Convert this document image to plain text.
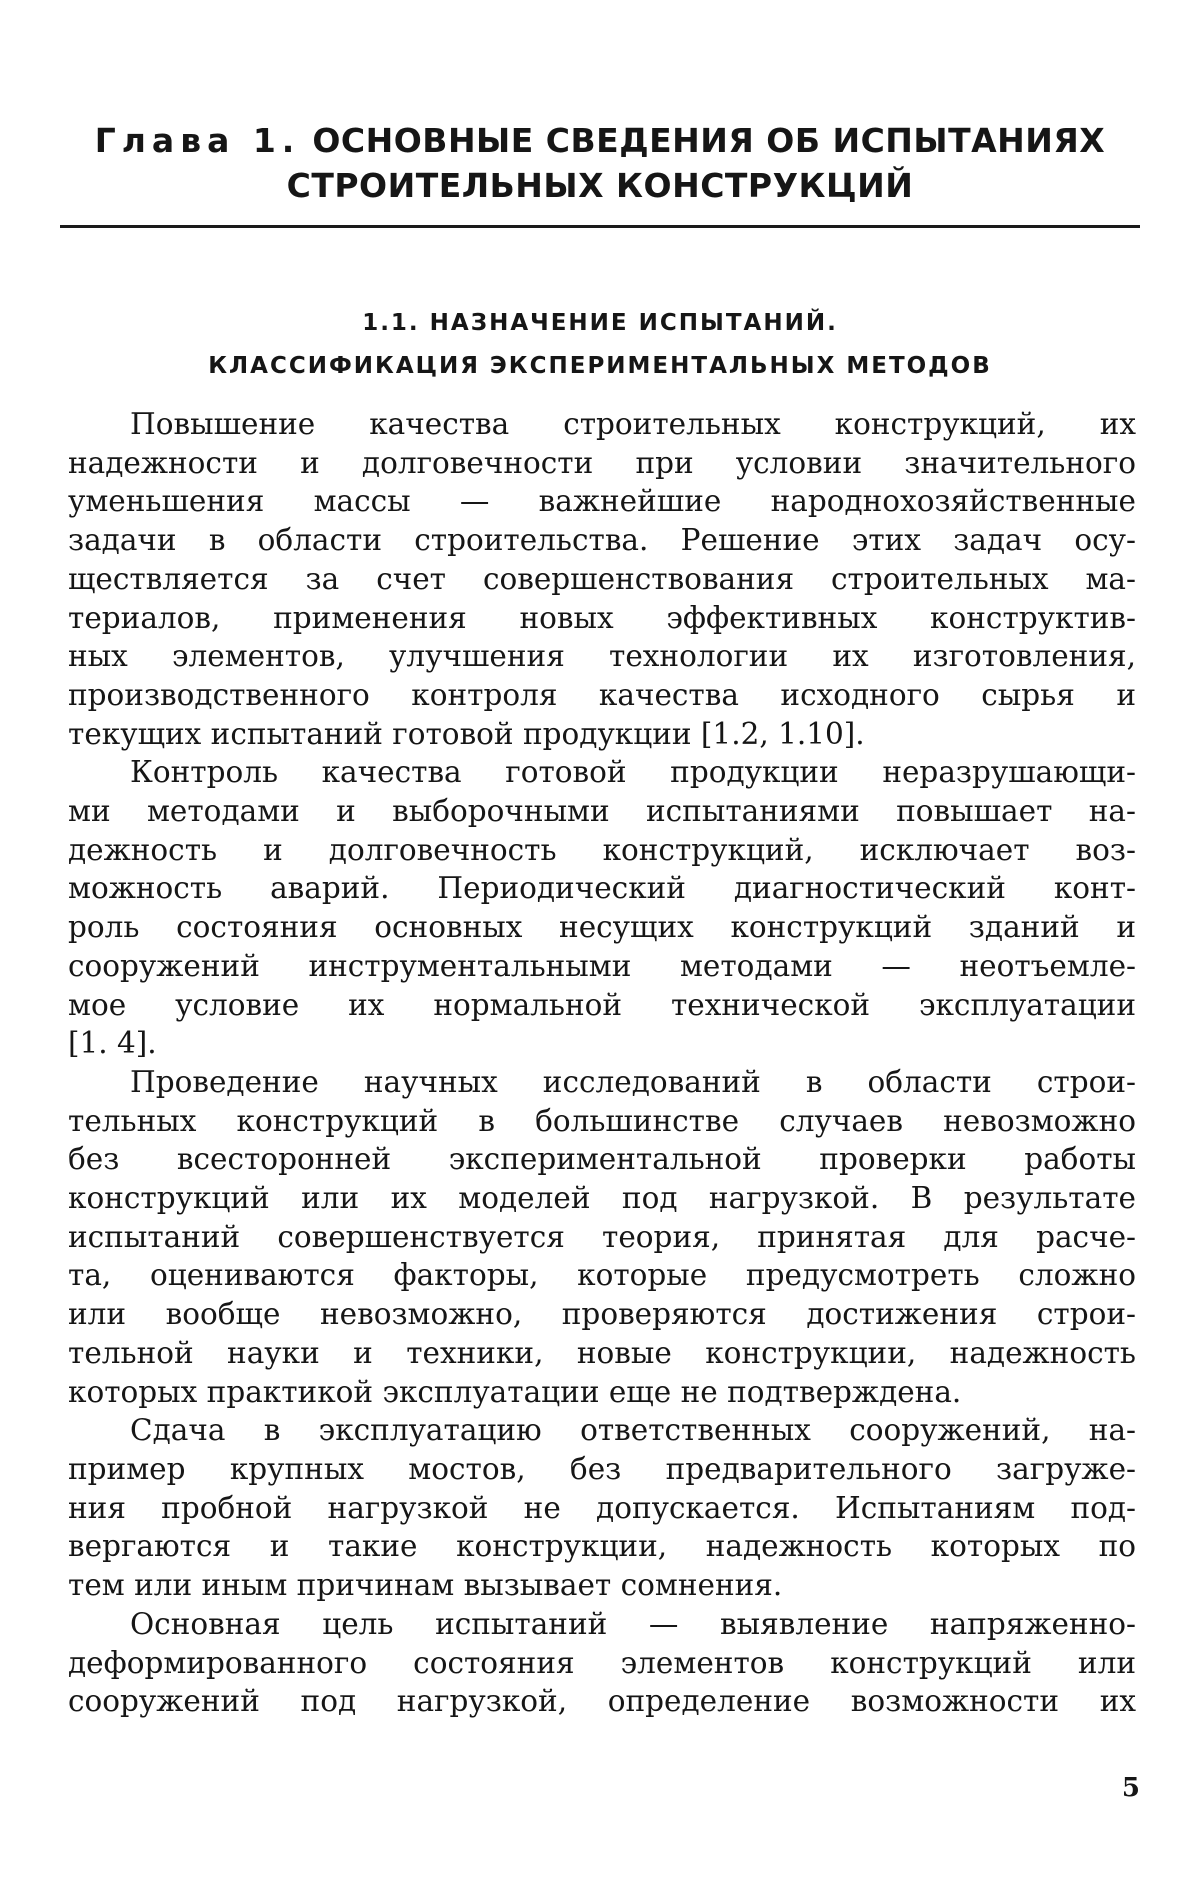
Глава 1. ОСНОВНЫЕ СВЕДЕНИЯ ОБ ИСПЫТАНИЯХ
СТРОИТЕЛЬНЫХ КОНСТРУКЦИЙ
1.1. НАЗНАЧЕНИЕ ИСПЫТАНИЙ.
КЛАССИФИКАЦИЯ ЭКСПЕРИМЕНТАЛЬНЫХ МЕТОДОВ
Повышение качества строительных конструкций, их
надежности и долговечности при условии значительного
уменьшения массы — важнейшие народнохозяйственные
задачи в области строительства. Решение этих задач осу-
ществляется за счет совершенствования строительных ма-
териалов, применения новых эффективных конструктив-
ных элементов, улучшения технологии их изготовления,
производственного контроля качества исходного сырья и
текущих испытаний готовой продукции [1.2, 1.10].
Контроль качества готовой продукции неразрушающи-
ми методами и выборочными испытаниями повышает на-
дежность и долговечность конструкций, исключает воз-
можность аварий. Периодический диагностический конт-
роль состояния основных несущих конструкций зданий и
сооружений инструментальными методами — неотъемле-
мое условие их нормальной технической эксплуатации
[1. 4].
Проведение научных исследований в области строи-
тельных конструкций в большинстве случаев невозможно
без всесторонней экспериментальной проверки работы
конструкций или их моделей под нагрузкой. В результате
испытаний совершенствуется теория, принятая для расче-
та, оцениваются факторы, которые предусмотреть сложно
или вообще невозможно, проверяются достижения строи-
тельной науки и техники, новые конструкции, надежность
которых практикой эксплуатации еще не подтверждена.
Сдача в эксплуатацию ответственных сооружений, на-
пример крупных мостов, без предварительного загруже-
ния пробной нагрузкой не допускается. Испытаниям под-
вергаются и такие конструкции, надежность которых по
тем или иным причинам вызывает сомнения.
Основная цель испытаний — выявление напряженно-
деформированного состояния элементов конструкций или
сооружений под нагрузкой, определение возможности их
5
